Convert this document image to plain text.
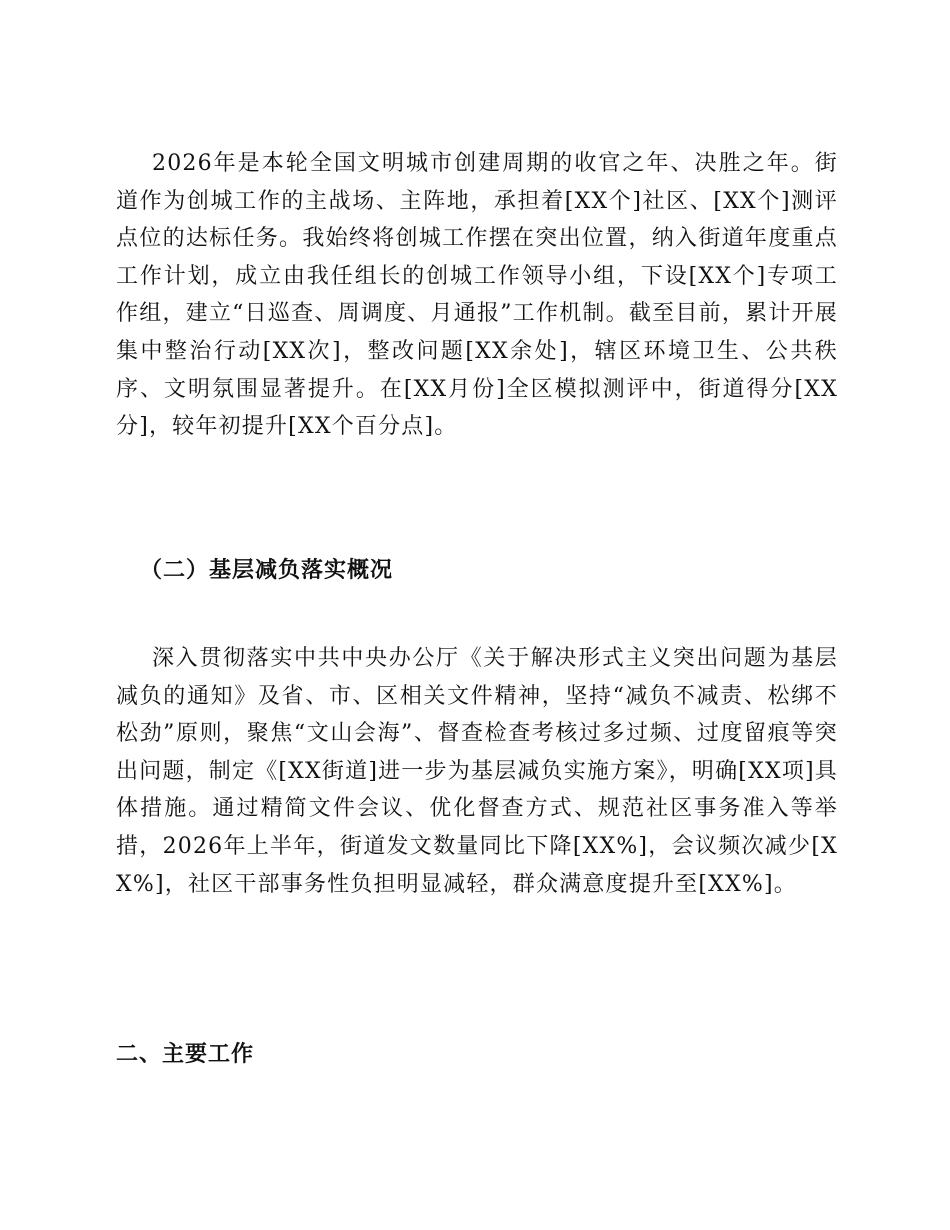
2026年是本轮全国文明城市创建周期的收官之年、决胜之年。街道作为创城工作的主战场、主阵地，承担着[XX个]社区、[XX个]测评点位的达标任务。我始终将创城工作摆在突出位置，纳入街道年度重点工作计划，成立由我任组长的创城工作领导小组，下设[XX个]专项工作组，建立“日巡查、周调度、月通报”工作机制。截至目前，累计开展集中整治行动[XX次]，整改问题[XX余处]，辖区环境卫生、公共秩序、文明氛围显著提升。在[XX月份]全区模拟测评中，街道得分[XX分]，较年初提升[XX个百分点]。

（二）基层减负落实概况

深入贯彻落实中共中央办公厅《关于解决形式主义突出问题为基层减负的通知》及省、市、区相关文件精神，坚持“减负不减责、松绑不松劲”原则，聚焦“文山会海”、督查检查考核过多过频、过度留痕等突出问题，制定《[XX街道]进一步为基层减负实施方案》，明确[XX项]具体措施。通过精简文件会议、优化督查方式、规范社区事务准入等举措，2026年上半年，街道发文数量同比下降[XX%]，会议频次减少[XX%]，社区干部事务性负担明显减轻，群众满意度提升至[XX%]。

二、主要工作
